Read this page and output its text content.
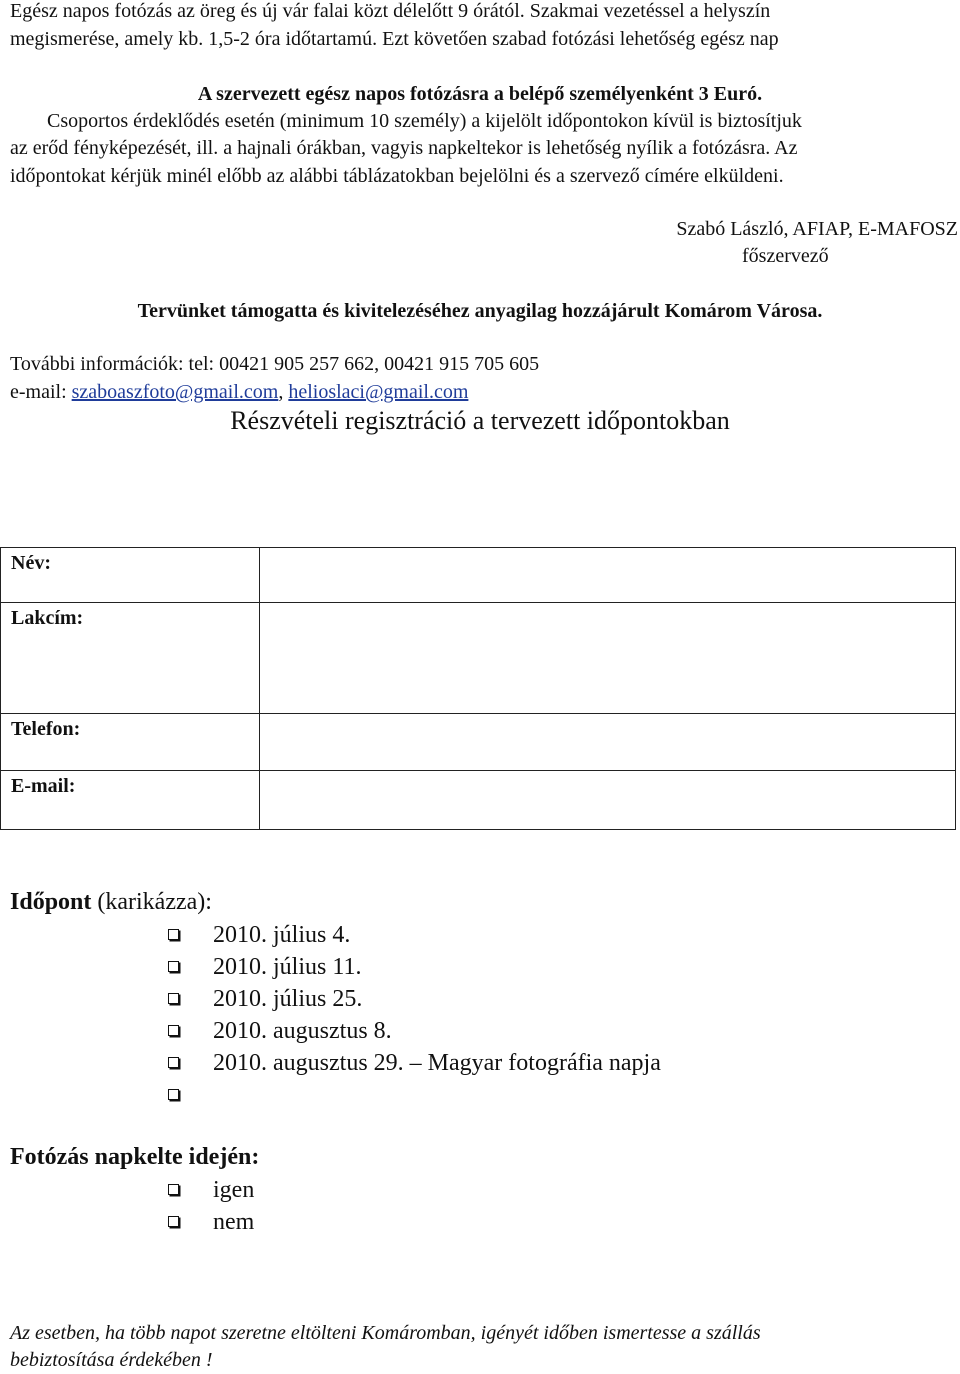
Egész napos fotózás az öreg és új vár falai közt délelőtt 9 órától. Szakmai vezetéssel a helyszín
megismerése, amely kb. 1,5-2 óra időtartamú. Ezt követően szabad fotózási lehetőség egész nap
A szervezett egész napos fotózásra a belépő személyenként 3 Euró.
Csoportos érdeklődés esetén (minimum 10 személy) a kijelölt időpontokon kívül is biztosítjuk
az erőd fényképezését, ill. a hajnali órákban, vagyis napkeltekor is lehetőség nyílik a fotózásra. Az
időpontokat kérjük minél előbb az alábbi táblázatokban bejelölni és a szervező címére elküldeni.
Szabó László, AFIAP, E-MAFOSZ
főszervező
Tervünket támogatta és kivitelezéséhez anyagilag hozzájárult Komárom Városa.
További információk: tel: 00421 905 257 662, 00421 915 705 605
e-mail: szaboaszfoto@gmail.com, helioslaci@gmail.com
Részvételi regisztráció a tervezett időpontokban
Név:	

Lakcím:	

Telefon:	

E-mail:	

Időpont (karikázza):
2010. július 4.
2010. július 11.
2010. július 25.
2010. augusztus 8.
2010. augusztus 29. – Magyar fotográfia napja
Fotózás napkelte idején:
igen
nem
Az esetben, ha több napot szeretne eltölteni Komáromban, igényét időben ismertesse a szállás
bebiztosítása érdekében !
